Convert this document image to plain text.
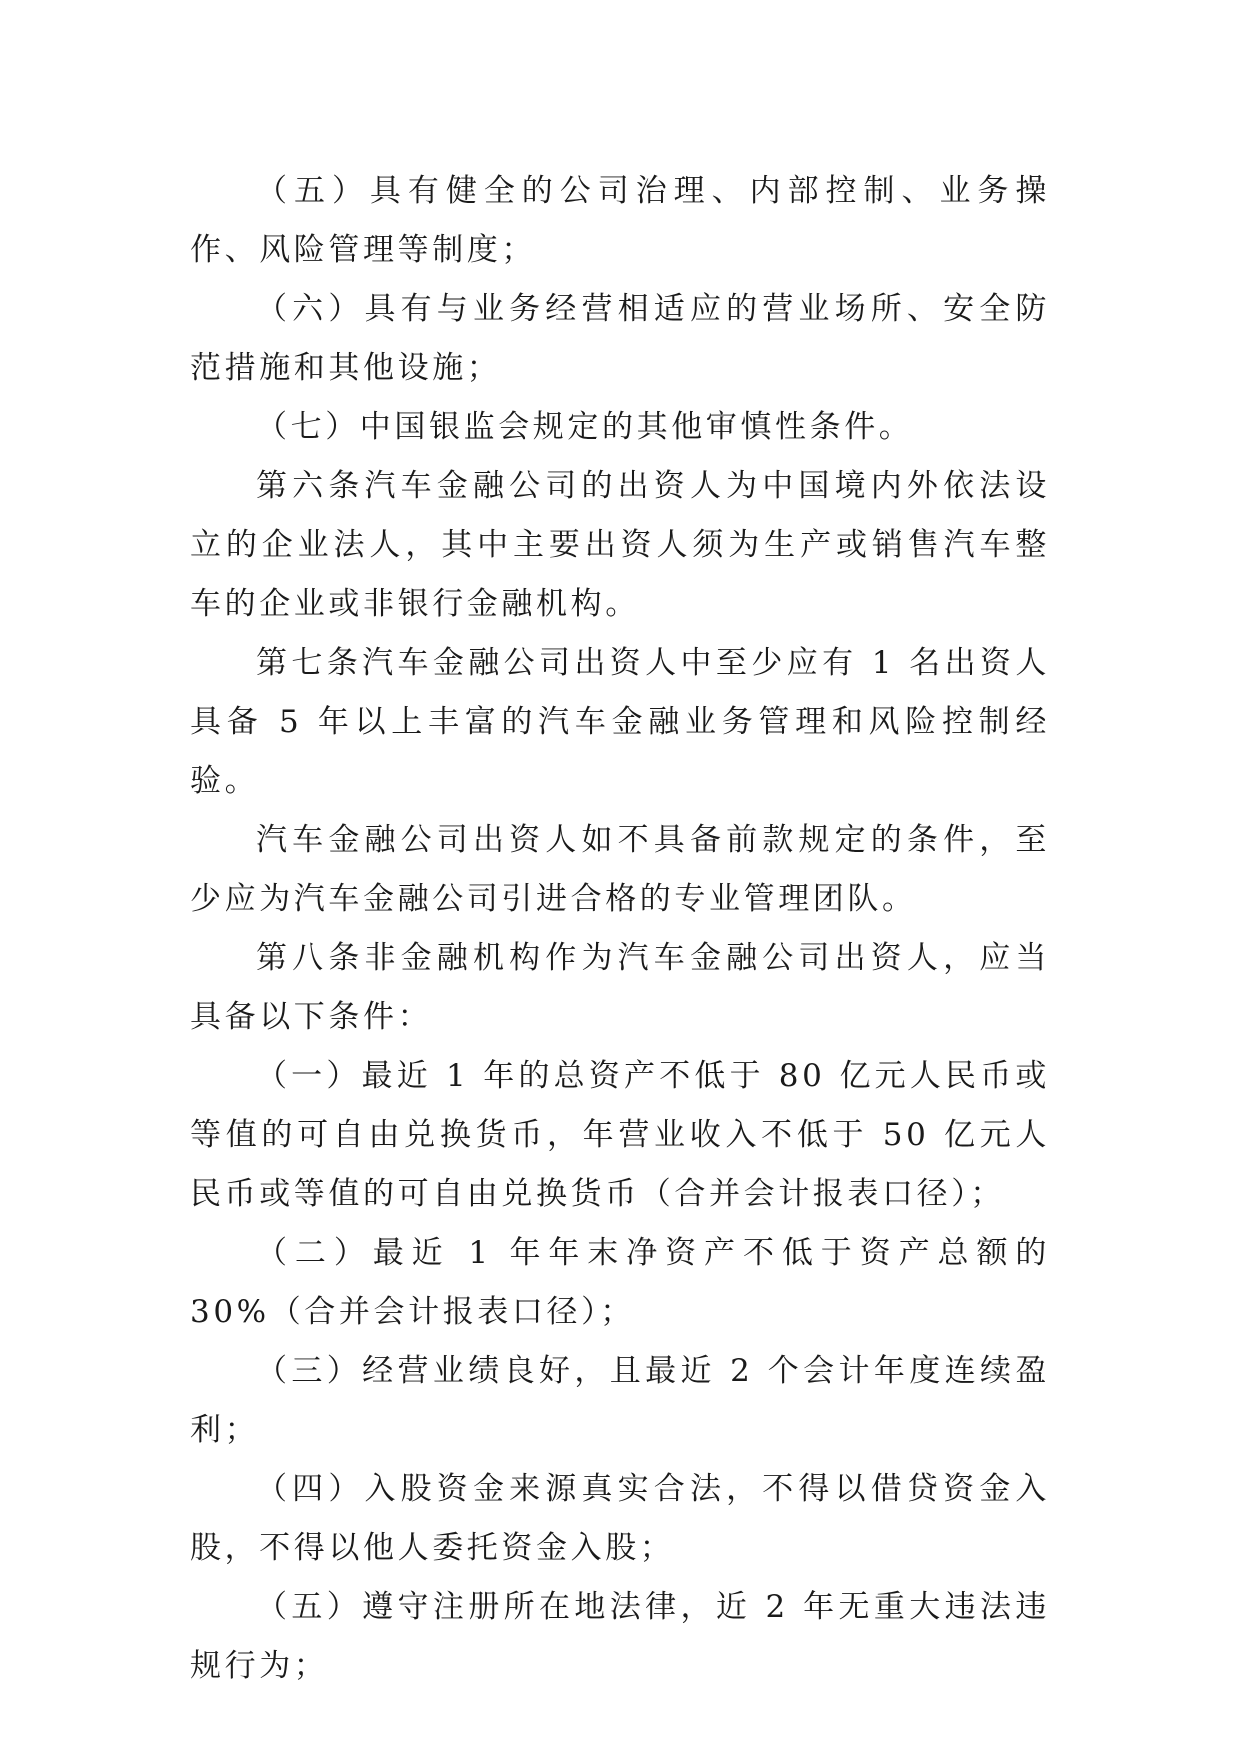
（五）具有健全的公司治理、内部控制、业务操作、风险管理等制度；

（六）具有与业务经营相适应的营业场所、安全防范措施和其他设施；

（七）中国银监会规定的其他审慎性条件。

第六条汽车金融公司的出资人为中国境内外依法设立的企业法人，其中主要出资人须为生产或销售汽车整车的企业或非银行金融机构。

第七条汽车金融公司出资人中至少应有 1 名出资人具备 5 年以上丰富的汽车金融业务管理和风险控制经验。

汽车金融公司出资人如不具备前款规定的条件，至少应为汽车金融公司引进合格的专业管理团队。

第八条非金融机构作为汽车金融公司出资人，应当具备以下条件：

（一）最近 1 年的总资产不低于 80 亿元人民币或等值的可自由兑换货币，年营业收入不低于 50 亿元人民币或等值的可自由兑换货币（合并会计报表口径）；

（二）最近 1 年年末净资产不低于资产总额的 30%（合并会计报表口径）；

（三）经营业绩良好，且最近 2 个会计年度连续盈利；

（四）入股资金来源真实合法，不得以借贷资金入股，不得以他人委托资金入股；

（五）遵守注册所在地法律，近 2 年无重大违法违规行为；
